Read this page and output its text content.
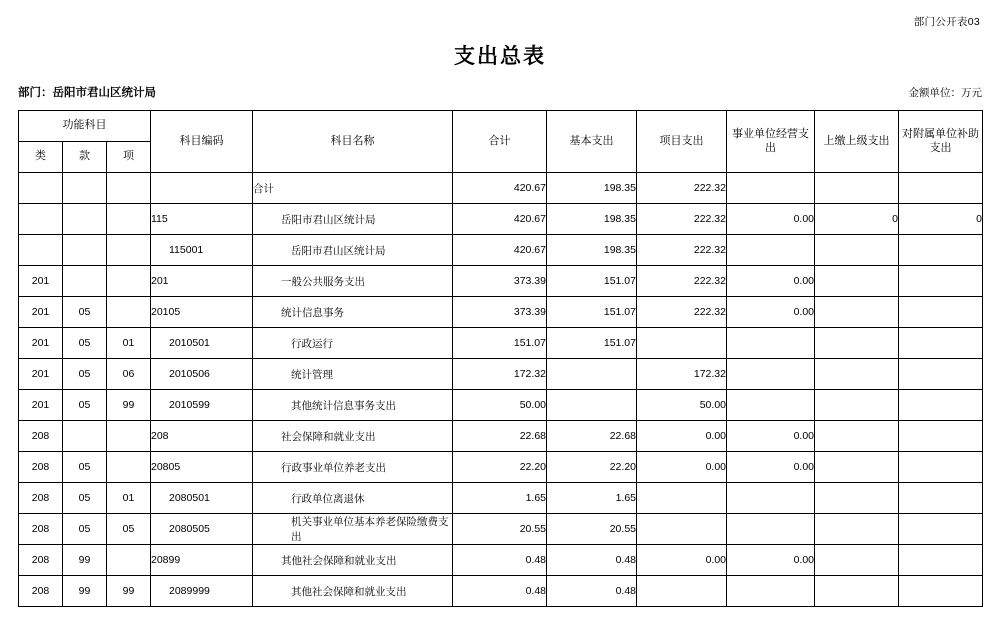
部门公开表03
支出总表
部门：岳阳市君山区统计局	金额单位：万元
功能科目			科目编码	科目名称	合计	基本支出	项目支出	事业单位经营支出	上缴上级支出	对附属单位补助支出
类	款	项								
				合计	420.67	198.35	222.32			
			115	岳阳市君山区统计局	420.67	198.35	222.32	0.00	0	0
			115001	岳阳市君山区统计局	420.67	198.35	222.32			
201			201	一般公共服务支出	373.39	151.07	222.32	0.00		
201	05		20105	统计信息事务	373.39	151.07	222.32	0.00		
201	05	01	2010501	行政运行	151.07	151.07				
201	05	06	2010506	统计管理	172.32		172.32			
201	05	99	2010599	其他统计信息事务支出	50.00		50.00			
208			208	社会保障和就业支出	22.68	22.68	0.00	0.00		
208	05		20805	行政事业单位养老支出	22.20	22.20	0.00	0.00		
208	05	01	2080501	行政单位离退休	1.65	1.65				
208	05	05	2080505	机关事业单位基本养老保险缴费支出	20.55	20.55				
208	99		20899	其他社会保障和就业支出	0.48	0.48	0.00	0.00		
208	99	99	2089999	其他社会保障和就业支出	0.48	0.48				
